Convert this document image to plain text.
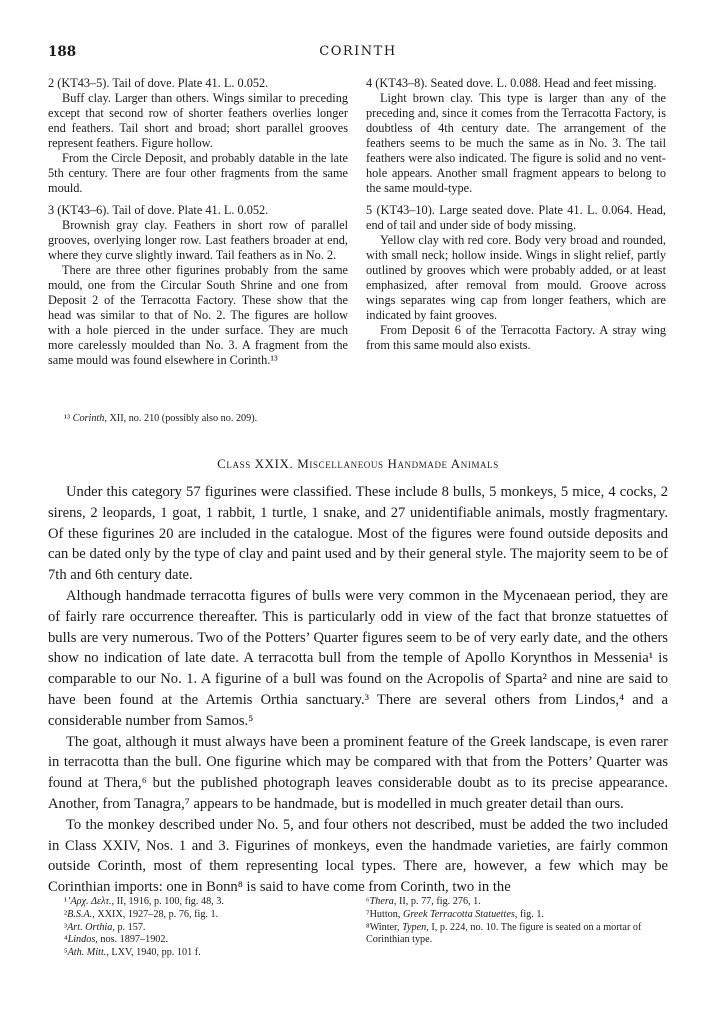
188	CORINTH

2 (KT43–5). Tail of dove. Plate 41. L. 0.052.

Buff clay. Larger than others. Wings similar to preceding except that second row of shorter feathers overlies longer end feathers. Tail short and broad; short parallel grooves represent feathers. Figure hollow.

From the Circle Deposit, and probably datable in the late 5th century. There are four other fragments from the same mould.

3 (KT43–6). Tail of dove. Plate 41. L. 0.052.

Brownish gray clay. Feathers in short row of parallel grooves, overlying longer row. Last feathers broader at end, where they curve slightly inward. Tail feathers as in No. 2.

There are three other figurines probably from the same mould, one from the Circular South Shrine and one from Deposit 2 of the Terracotta Factory. These show that the head was similar to that of No. 2. The figures are hollow with a hole pierced in the under surface. They are much more carelessly moulded than No. 3. A fragment from the same mould was found elsewhere in Corinth.¹³

4 (KT43–8). Seated dove. L. 0.088. Head and feet missing.

Light brown clay. This type is larger than any of the preceding and, since it comes from the Terracotta Factory, is doubtless of 4th century date. The arrangement of the feathers seems to be much the same as in No. 3. The tail feathers were also indicated. The figure is solid and no vent-hole appears. Another small fragment appears to belong to the same mould-type.

5 (KT43–10). Large seated dove. Plate 41. L. 0.064. Head, end of tail and under side of body missing.

Yellow clay with red core. Body very broad and rounded, with small neck; hollow inside. Wings in slight relief, partly outlined by grooves which were probably added, or at least emphasized, after removal from mould. Groove across wings separates wing cap from longer feathers, which are indicated by faint grooves.

From Deposit 6 of the Terracotta Factory. A stray wing from this same mould also exists.

¹³ Corinth, XII, no. 210 (possibly also no. 209).
Class XXIX. Miscellaneous Handmade Animals

Under this category 57 figurines were classified. These include 8 bulls, 5 monkeys, 5 mice, 4 cocks, 2 sirens, 2 leopards, 1 goat, 1 rabbit, 1 turtle, 1 snake, and 27 unidentifiable animals, mostly fragmentary. Of these figurines 20 are included in the catalogue. Most of the figures were found outside deposits and can be dated only by the type of clay and paint used and by their general style. The majority seem to be of 7th and 6th century date.

Although handmade terracotta figures of bulls were very common in the Mycenaean period, they are of fairly rare occurrence thereafter. This is particularly odd in view of the fact that bronze statuettes of bulls are very numerous. Two of the Potters’ Quarter figures seem to be of very early date, and the others show no indication of late date. A terracotta bull from the temple of Apollo Korynthos in Messenia¹ is comparable to our No. 1. A figurine of a bull was found on the Acropolis of Sparta² and nine are said to have been found at the Artemis Orthia sanctuary.³ There are several others from Lindos,⁴ and a considerable number from Samos.⁵

The goat, although it must always have been a prominent feature of the Greek landscape, is even rarer in terracotta than the bull. One figurine which may be compared with that from the Potters’ Quarter was found at Thera,⁶ but the published photograph leaves considerable doubt as to its precise appearance. Another, from Tanagra,⁷ appears to be handmade, but is modelled in much greater detail than ours.

To the monkey described under No. 5, and four others not described, must be added the two included in Class XXIV, Nos. 1 and 3. Figurines of monkeys, even the handmade varieties, are fairly common outside Corinth, most of them representing local types. There are, however, a few which may be Corinthian imports: one in Bonn⁸ is said to have come from Corinth, two in the

¹’Αρχ. Δελτ., II, 1916, p. 100, fig. 48, 3.

²B.S.A., XXIX, 1927–28, p. 76, fig. 1.

³Art. Orthia, p. 157.

⁴Lindos, nos. 1897–1902.

⁵Ath. Mitt., LXV, 1940, pp. 101 f.

⁶Thera, II, p. 77, fig. 276, 1.

⁷Hutton, Greek Terracotta Statuettes, fig. 1.

⁸Winter, Typen, I, p. 224, no. 10. The figure is seated on a mortar of Corinthian type.
